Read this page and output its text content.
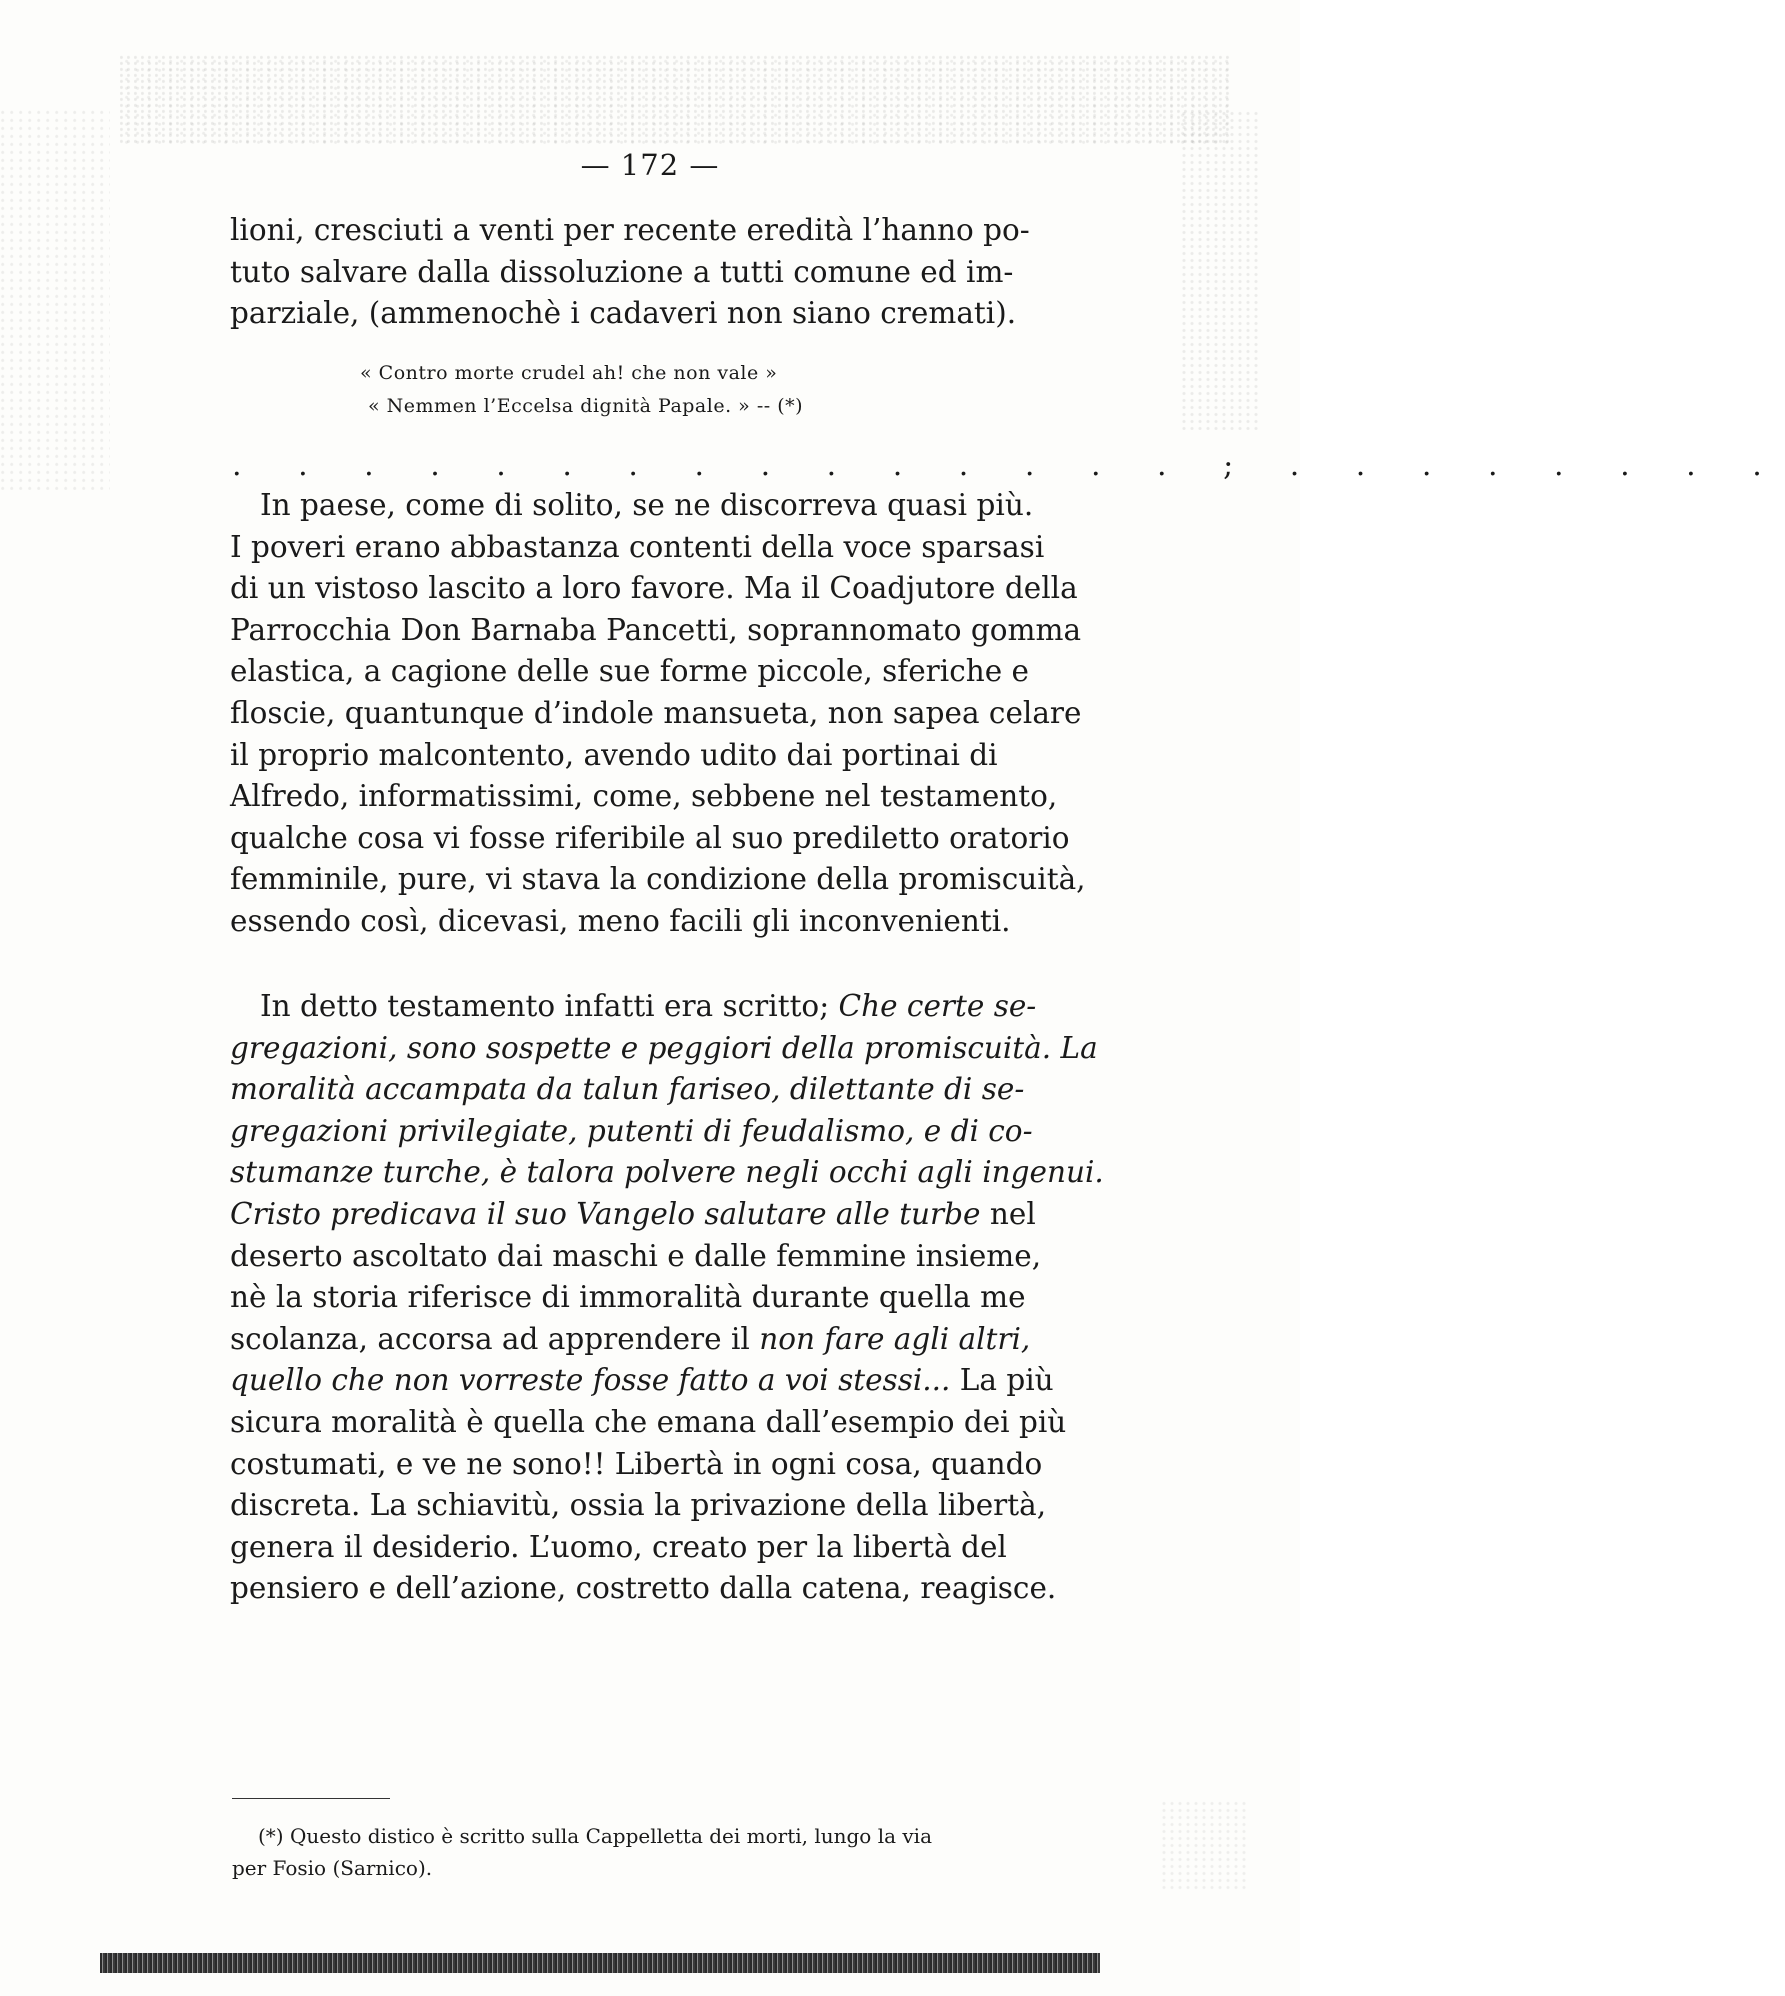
— 172 —
lioni, cresciuti a venti per recente eredità l’hanno po-
tuto salvare dalla dissoluzione a tutti comune ed im-
parziale, (ammenochè i cadaveri non siano cremati).
« Contro morte crudel ah! che non vale »
« Nemmen l’Eccelsa dignità Papale. » -- (*)
. . . . . . . . . . . . . . . ; . . . . . . . .
In paese, come di solito, se ne discorreva quasi più.
I poveri erano abbastanza contenti della voce sparsasi
di un vistoso lascito a loro favore. Ma il Coadjutore della
Parrocchia Don Barnaba Pancetti, soprannomato gomma
elastica, a cagione delle sue forme piccole, sferiche e
floscie, quantunque d’indole mansueta, non sapea celare
il proprio malcontento, avendo udito dai portinai di
Alfredo, informatissimi, come, sebbene nel testamento,
qualche cosa vi fosse riferibile al suo prediletto oratorio
femminile, pure, vi stava la condizione della promiscuità,
essendo così, dicevasi, meno facili gli inconvenienti.
In detto testamento infatti era scritto; Che certe se-
gregazioni, sono sospette e peggiori della promiscuità. La
moralità accampata da talun fariseo, dilettante di se-
gregazioni privilegiate, putenti di feudalismo, e di co-
stumanze turche, è talora polvere negli occhi agli ingenui.
Cristo predicava il suo Vangelo salutare alle turbe nel
deserto ascoltato dai maschi e dalle femmine insieme,
nè la storia riferisce di immoralità durante quella me
scolanza, accorsa ad apprendere il non fare agli altri,
quello che non vorreste fosse fatto a voi stessi... La più
sicura moralità è quella che emana dall’esempio dei più
costumati, e ve ne sono!! Libertà in ogni cosa, quando
discreta. La schiavitù, ossia la privazione della libertà,
genera il desiderio. L’uomo, creato per la libertà del
pensiero e dell’azione, costretto dalla catena, reagisce.
(*) Questo distico è scritto sulla Cappelletta dei morti, lungo la via
per Fosio (Sarnico).
